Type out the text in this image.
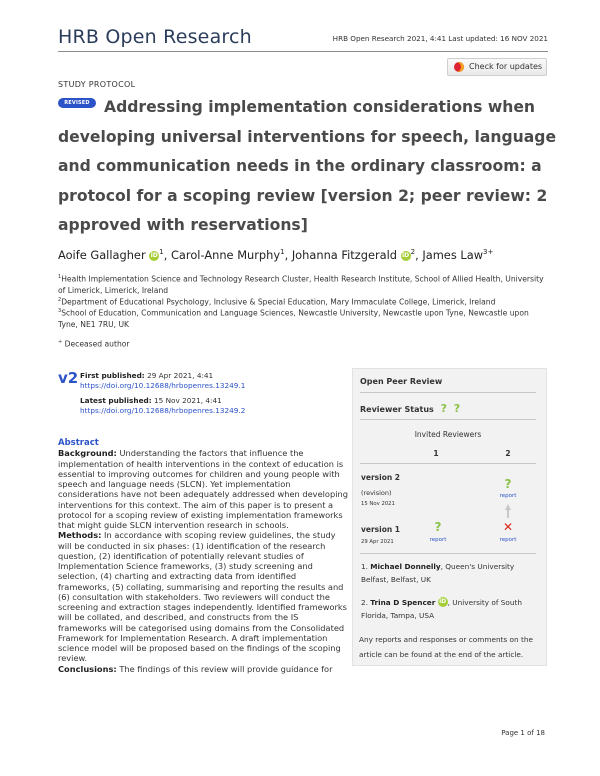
HRB Open Research	HRB Open Research 2021, 4:41 Last updated: 16 NOV 2021
STUDY PROTOCOL
Check for updates
Addressing implementation considerations when developing universal interventions for speech, language and communication needs in the ordinary classroom: a protocol for a scoping review [version 2; peer review: 2 approved with reservations]
REVISED
Aoife Gallagher $iD^1$, Carol-Anne Murphy$^1$, Johanna Fitzgerald $iD^2$, James Law$^{3+}$
$^1$Health Implementation Science and Technology Research Cluster, Health Research Institute, School of Allied Health, University of Limerick, Limerick, Ireland
$^2$Department of Educational Psychology, Inclusive & Special Education, Mary Immaculate College, Limerick, Ireland
$^3$School of Education, Communication and Language Sciences, Newcastle University, Newcastle upon Tyne, Newcastle upon Tyne, NE1 7RU, UK
+ Deceased author
v2 First published: 29 Apr 2021, 4:41
https://doi.org/10.12688/hrbopenres.13249.1
Latest published: 15 Nov 2021, 4:41
https://doi.org/10.12688/hrbopenres.13249.2

Abstract

Background: Understanding the factors that influence the implementation of health interventions in the context of education is essential to improving outcomes for children and young people with speech and language needs (SLCN). Yet implementation considerations have not been adequately addressed when developing interventions for this context. The aim of this paper is to present a protocol for a scoping review of existing implementation frameworks that might guide SLCN intervention research in schools.

Methods: In accordance with scoping review guidelines, the study will be conducted in six phases: (1) identification of the research question, (2) identification of potentially relevant studies of Implementation Science frameworks, (3) study screening and selection, (4) charting and extracting data from identified frameworks, (5) collating, summarising and reporting the results and (6) consultation with stakeholders. Two reviewers will conduct the screening and extraction stages independently. Identified frameworks will be collated, and described, and constructs from the IS frameworks will be categorised using domains from the Consolidated Framework for Implementation Research. A draft implementation science model will be proposed based on the findings of the scoping review.

Conclusions: The findings of this review will provide guidance for

Open Peer Review
Reviewer Status ? ?
Invited Reviewers
1	2
version 2
(revision)
15 Nov 2021
?
report
version 1
29 Apr 2021
?
report
✕
report
1. Michael Donnelly, Queen's University Belfast, Belfast, UK
2. Trina D Spencer iD, University of South Florida, Tampa, USA
Any reports and responses or comments on the article can be found at the end of the article.
Page 1 of 18
